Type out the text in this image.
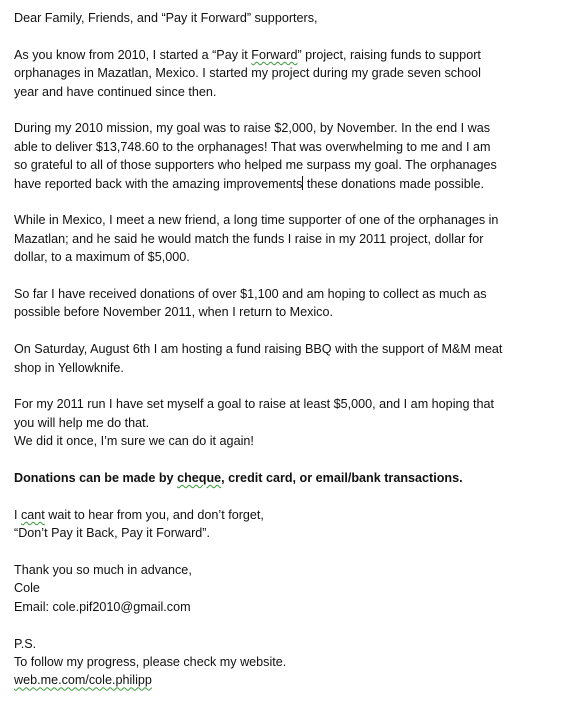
Dear Family, Friends, and “Pay it Forward” supporters,

As you know from 2010, I started a “Pay it Forward” project, raising funds to support
orphanages in Mazatlan, Mexico. I started my project during my grade seven school
year and have continued since then.

During my 2010 mission, my goal was to raise $2,000, by November. In the end I was
able to deliver $13,748.60 to the orphanages! That was overwhelming to me and I am
so grateful to all of those supporters who helped me surpass my goal. The orphanages
have reported back with the amazing improvements these donations made possible.

While in Mexico, I meet a new friend, a long time supporter of one of the orphanages in
Mazatlan; and he said he would match the funds I raise in my 2011 project, dollar for
dollar, to a maximum of $5,000.

So far I have received donations of over $1,100 and am hoping to collect as much as
possible before November 2011, when I return to Mexico.

On Saturday, August 6th I am hosting a fund raising BBQ with the support of M&M meat
shop in Yellowknife.

For my 2011 run I have set myself a goal to raise at least $5,000, and I am hoping that
you will help me do that.
We did it once, I’m sure we can do it again!

Donations can be made by cheque, credit card, or email/bank transactions.

I cant wait to hear from you, and don’t forget,
“Don’t Pay it Back, Pay it Forward”.

Thank you so much in advance,
Cole
Email: cole.pif2010@gmail.com

P.S.
To follow my progress, please check my website.
web.me.com/cole.philipp
